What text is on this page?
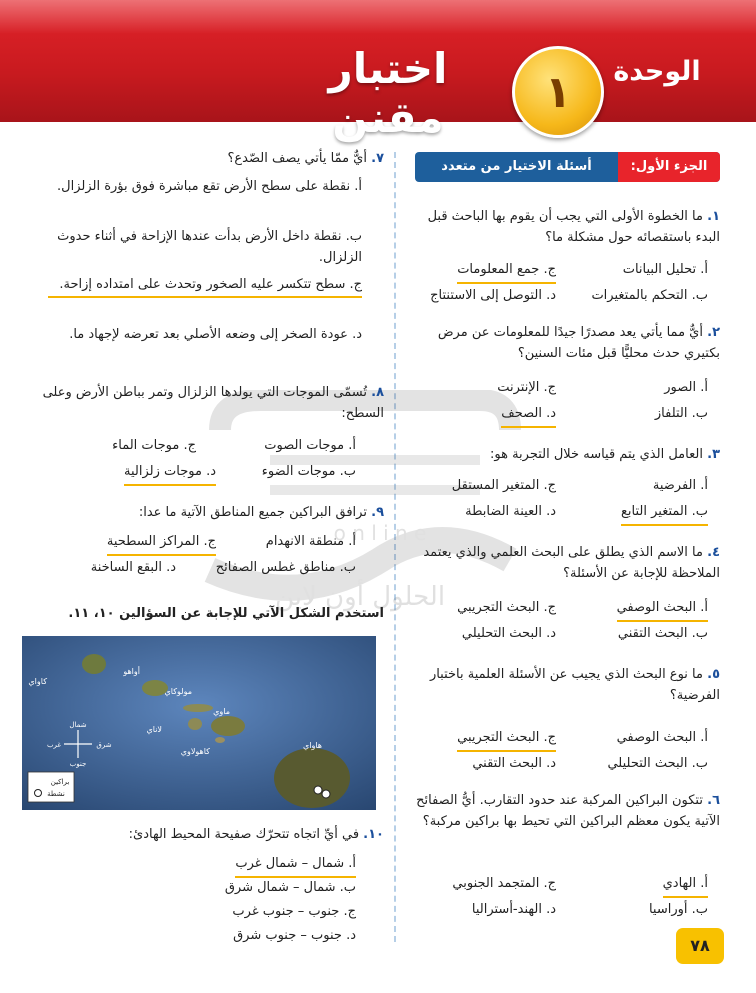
الوحدة
١
اختبار مقنن
الجزء الأول:
أسئلة الاختيار من متعدد
الحلول أون لاين
o n l i n e
١. ما الخطوة الأولى التي يجب أن يقوم بها الباحث قبل البدء باستقصائه حول مشكلة ما؟
أ. تحليل البيانات
ج. جمع المعلومات
ب. التحكم بالمتغيرات
د. التوصل إلى الاستنتاج
٢. أيٌّ مما يأتي يعد مصدرًا جيدًا للمعلومات عن مرض بكتيري حدث محليًّا قبل مئات السنين؟
أ. الصور
ج. الإنترنت
ب. التلفاز
د. الصحف
٣. العامل الذي يتم قياسه خلال التجربة هو:
أ. الفرضية
ج. المتغير المستقل
ب. المتغير التابع
د. العينة الضابطة
٤. ما الاسم الذي يطلق على البحث العلمي والذي يعتمد الملاحظة للإجابة عن الأسئلة؟
أ. البحث الوصفي
ج. البحث التجريبي
ب. البحث التقني
د. البحث التحليلي
٥. ما نوع البحث الذي يجيب عن الأسئلة العلمية باختبار الفرضية؟
أ. البحث الوصفي
ج. البحث التجريبي
ب. البحث التحليلي
د. البحث التقني
٦. تتكون البراكين المركبة عند حدود التقارب. أيُّ الصفائح الآتية يكون معظم البراكين التي تحيط بها براكين مركبة؟
أ. الهادي
ج. المتجمد الجنوبي
ب. أوراسيا
د. الهند-أستراليا
٧. أيٌّ ممّا يأتي يصف الصّدع؟
أ. نقطة على سطح الأرض تقع مباشرة فوق بؤرة الزلزال.
ب. نقطة داخل الأرض بدأت عندها الإزاحة في أثناء حدوث الزلزال.
ج. سطح تتكسر عليه الصخور وتحدث على امتداده إزاحة.
د. عودة الصخر إلى وضعه الأصلي بعد تعرضه لإجهاد ما.
٨. تُسمّى الموجات التي يولدها الزلزال وتمر بباطن الأرض وعلى السطح:
أ. موجات الصوت
ج. موجات الماء
ب. موجات الضوء
د. موجات زلزالية
٩. ترافق البراكين جميع المناطق الآتية ما عدا:
أ. منطقة الانهدام
ج. المراكز السطحية
ب. مناطق غطس الصفائح
د. البقع الساخنة
استخدم الشكل الآتي للإجابة عن السؤالين ١٠، ١١.
كاواي
أواهو
مولوكاي
ماوي
لاناي
كاهولاوي
هاواي
شمال
جنوب
شرق
غرب
براكين
نشطة
١٠. في أيِّ اتجاه تتحرّك صفيحة المحيط الهادئ:
أ. شمال – شمال غرب
ب. شمال – شمال شرق
ج. جنوب – جنوب غرب
د. جنوب – جنوب شرق
٧٨
